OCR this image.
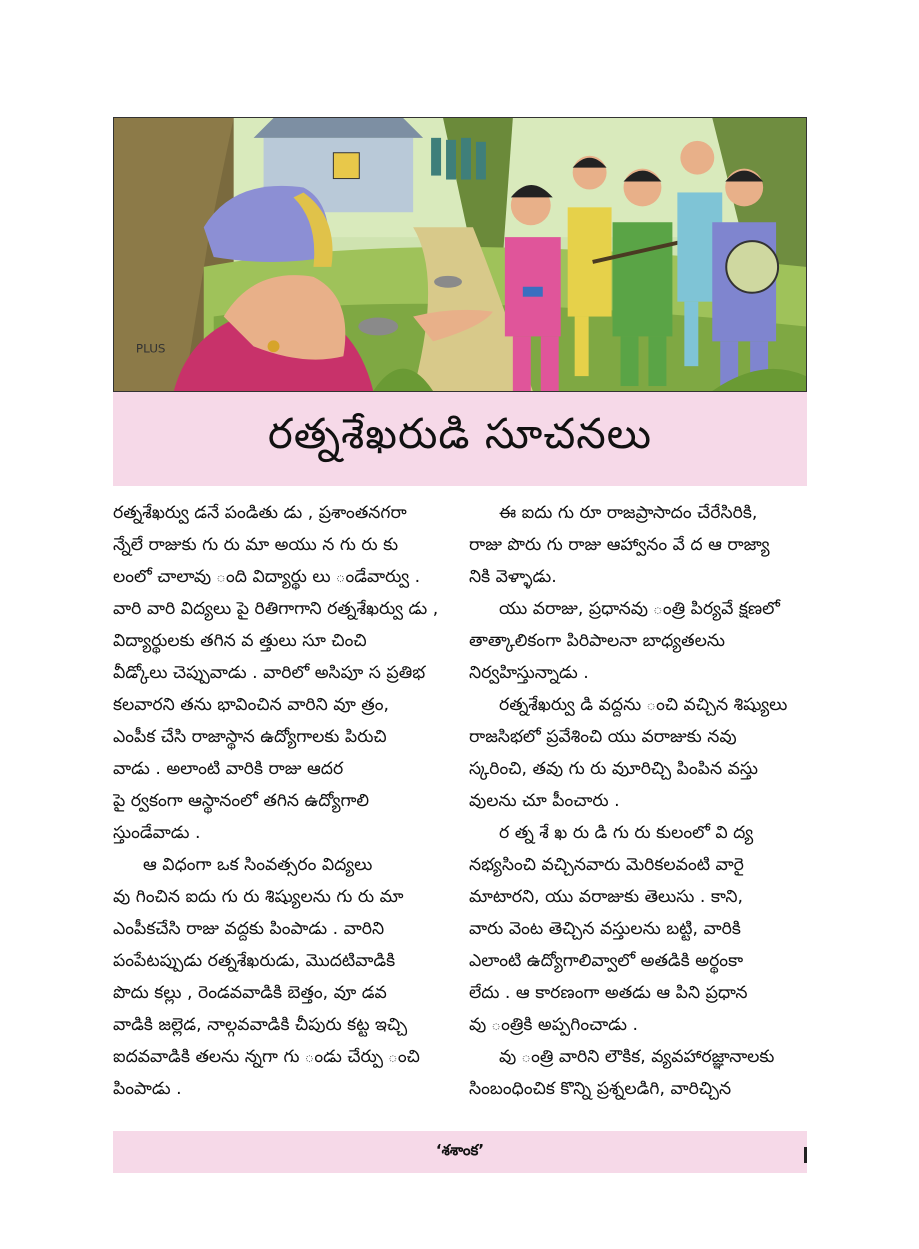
PLUS
రత్నశేఖరుడి సూచనలు
రత్నశేఖర్వు డనే పండితు డు , ప్రశాంతనగరా
న్నేలే రాజుకు గు రు మా అయు న గు రు కు
లంలో చాలావు ంది విద్యార్థు లు ండేవార్వు .
వారి వారి విద్యలు పై రితిగాగాని రత్నశేఖర్వు డు ,
విద్యార్థులకు తగిన వ త్తులు సూ చించి
వీడ్కోలు చెప్పువాడు . వారిలో అసిపూ స ప్రతిభ
కలవారని తను భావించిన వారిని వూ త్రం,
ఎంపీక చేసి రాజాస్థాన ఉద్యోగాలకు పిరుచి
వాడు . అలాంటి వారికి రాజు ఆదర
పై ర్వకంగా ఆస్థానంలో తగిన ఉద్యోగాలి
స్తుండేవాడు .
ఆ విధంగా ఒక సింవత్సరం విద్యలు
వు గించిన ఐదు గు రు శిష్యులను గు రు మా
ఎంపీకచేసి రాజు వద్దకు పింపాడు . వారిని
పంపేటప్పుడు రత్నశేఖరుడు, మొదటివాడికి
పొదు కల్లు , రెండవవాడికి బెత్తం, వూ డవ
వాడికి జల్లెడ, నాల్గవవాడికి చీపురు కట్ట ఇచ్చి
ఐదవవాడికి తలను న్నగా గు ండు చేర్పు ంచి
పింపాడు .
ఈ ఐదు గు రూ రాజప్రాసాదం చేరేసిరికి,
రాజు పొరు గు రాజు ఆహ్వానం వే ద ఆ రాజ్యా
నికి వెళ్ళాడు.
యు వరాజు, ప్రధానవు ంత్రి పిర్యవే క్షణలో
తాత్కాలికంగా పిరిపాలనా బాధ్యతలను
నిర్వహిస్తున్నాడు .
రత్నశేఖర్వు డి వద్దను ంచి వచ్చిన శిష్యులు
రాజసిభలో ప్రవేశించి యు వరాజుకు నవు
స్కరించి, తవు గు రు వుూరిచ్చి పింపిన వస్తు
వులను చూ పీంచారు .
ర త్న శే ఖ రు డి గు రు కులంలో వి ద్య
నభ్యసించి వచ్చినవారు మెరికలవంటి వారై
మాటారని, యు వరాజుకు తెలుసు . కాని,
వారు వెంట తెచ్చిన వస్తులను బట్టి, వారికి
ఎలాంటి ఉద్యోగాలివ్వాలో అతడికి అర్థంకా
లేదు . ఆ కారణంగా అతడు ఆ పిని ప్రధాన
వు ంత్రికి అప్పగించాడు .
వు ంత్రి వారిని లౌకిక, వ్యవహారజ్ఞానాలకు
సింబంధించిక కొన్ని ప్రశ్నలడిగి, వారిచ్చిన
‘శశాంక’
